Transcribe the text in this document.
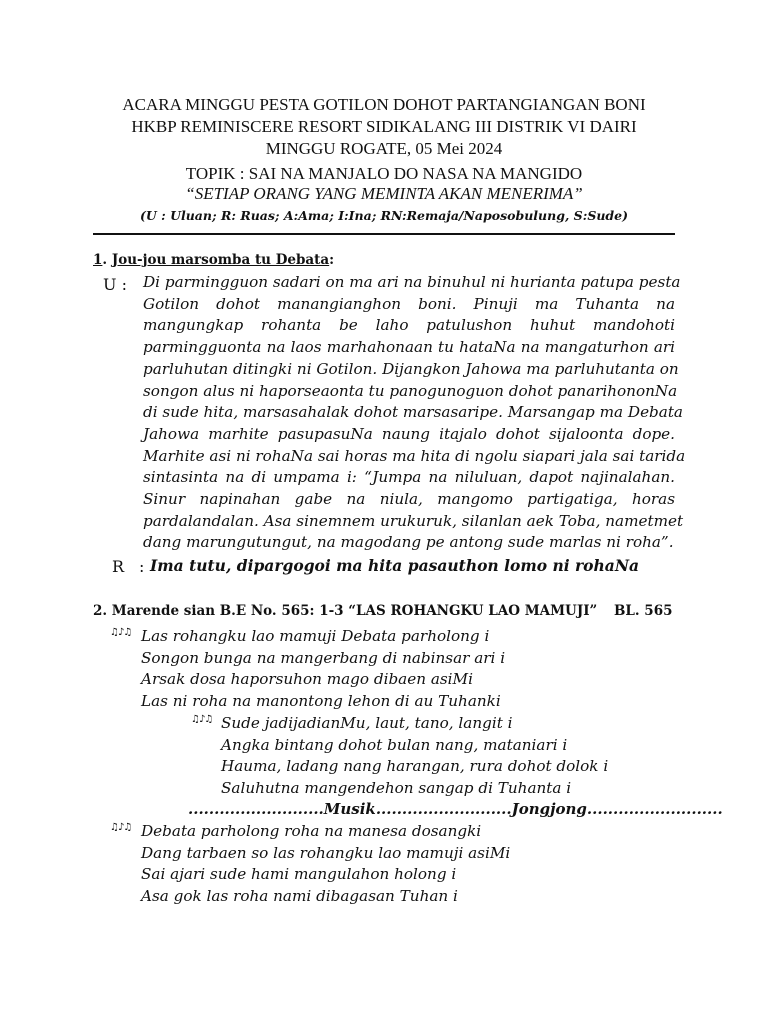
ACARA MINGGU PESTA GOTILON DOHOT PARTANGIANGAN BONI
HKBP REMINISCERE RESORT SIDIKALANG III DISTRIK VI DAIRI
MINGGU ROGATE, 05 Mei 2024
TOPIK : SAI NA MANJALO DO NASA NA MANGIDO
“SETIAP ORANG YANG MEMINTA AKAN MENERIMA”
(U : Uluan; R: Ruas; A:Ama; I:Ina; RN:Remaja/Naposobulung, S:Sude)
1. Jou-jou marsomba tu Debata:
U : Di parmingguon sadari on ma ari na binuhul ni hurianta patupa pesta
Gotilon dohot manangianghon boni. Pinuji ma Tuhanta na
mangungkap rohanta be laho patulushon huhut mandohoti
parmingguonta na laos marhahonaan tu hataNa na mangaturhon ari
parluhutan ditingki ni Gotilon. Dijangkon Jahowa ma parluhutanta on
songon alus ni haporseaonta tu panogunoguon dohot panarihononNa
di sude hita, marsasahalak dohot marsasaripe. Marsangap ma Debata
Jahowa marhite pasupasuNa naung itajalo dohot sijaloonta dope.
Marhite asi ni rohaNa sai horas ma hita di ngolu siapari jala sai tarida
sintasinta na di umpama i: “Jumpa na niluluan, dapot najinalahan.
Sinur napinahan gabe na niula, mangomo partigatiga, horas
pardalandalan. Asa sinemnem urukuruk, silanlan aek Toba, nametmet
dang marungutungut, na magodang pe antong sude marlas ni roha”.
R : Ima tutu, dipargogoi ma hita pasauthon lomo ni rohaNa
2. Marende sian B.E No. 565: 1-3 “LAS ROHANGKU LAO MAMUJI” BL. 565
♫♪♫ Las rohangku lao mamuji Debata parholong i
Songon bunga na mangerbang di nabinsar ari i
Arsak dosa haporsuhon mago dibaen asiMi
Las ni roha na manontong lehon di au Tuhanki
♫♪♫ Sude jadijadianMu, laut, tano, langit i
Angka bintang dohot bulan nang, mataniari i
Hauma, ladang nang harangan, rura dohot dolok i
Saluhutna mangendehon sangap di Tuhanta i
..........................Musik..........................Jongjong..........................
♫♪♫ Debata parholong roha na manesa dosangki
Dang tarbaen so las rohangku lao mamuji asiMi
Sai ajari sude hami mangulahon holong i
Asa gok las roha nami dibagasan Tuhan i
